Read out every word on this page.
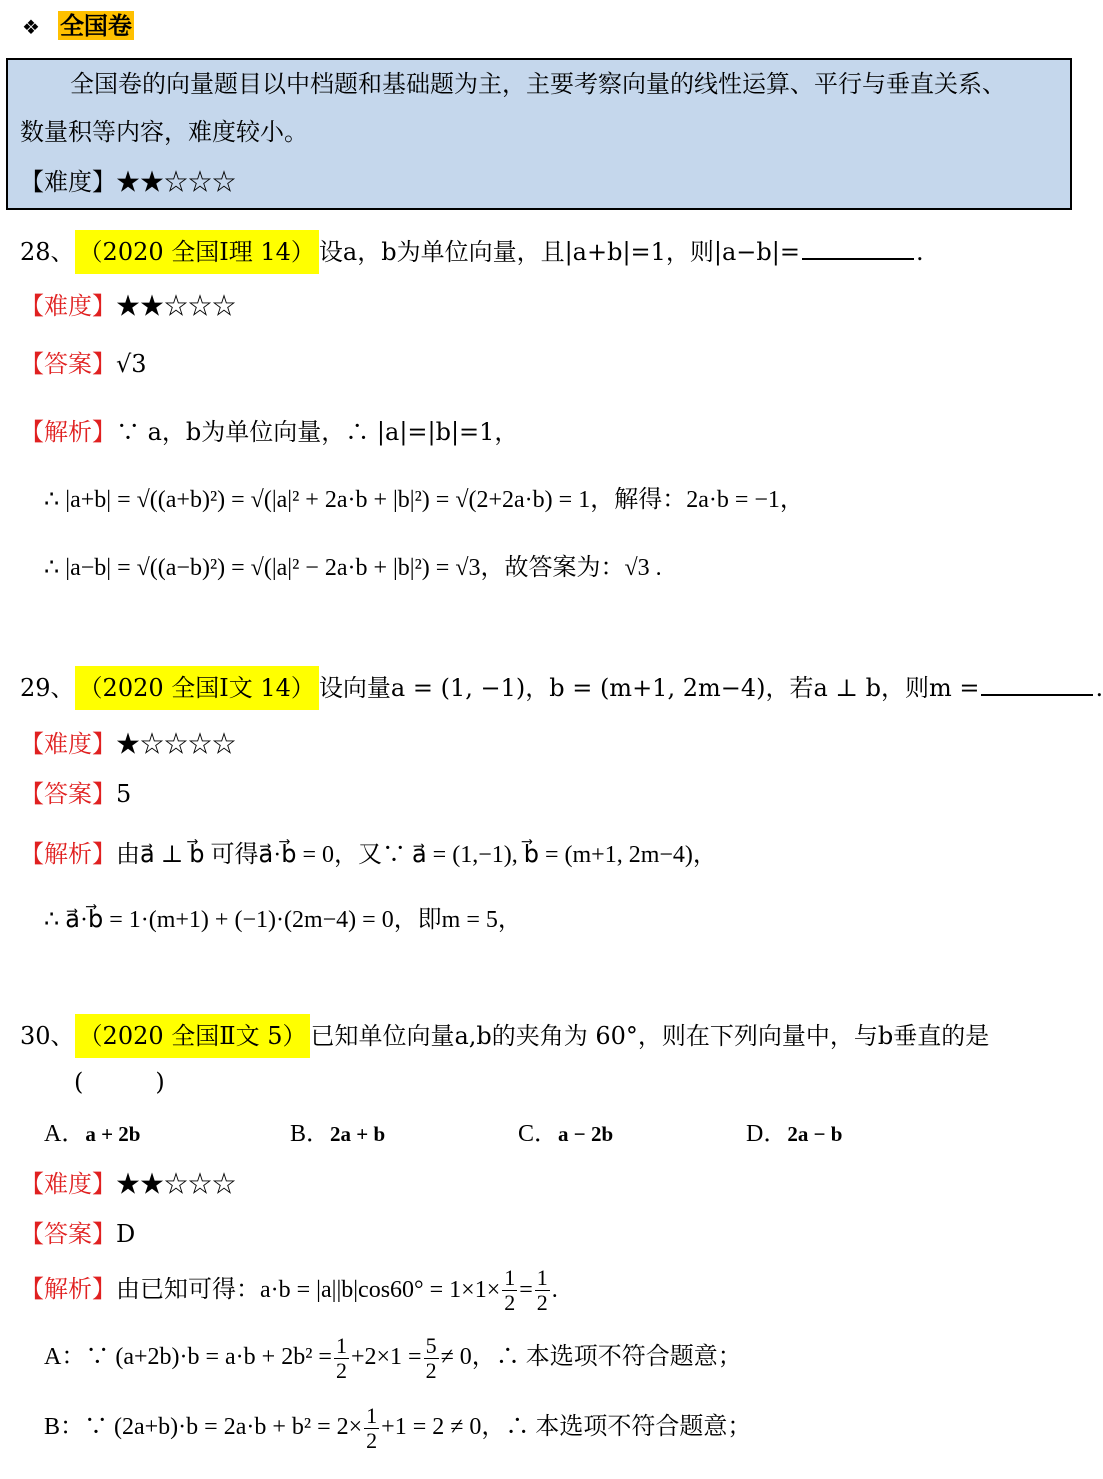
❖ 全国卷
全国卷的向量题目以中档题和基础题为主，主要考察向量的线性运算、平行与垂直关系、
数量积等内容，难度较小。
【难度】★★☆☆☆
28、 （2020 全国Ⅰ理 14） 设a，b为单位向量，且|a+b|=1，则|a−b|=	.
【难度】★★☆☆☆
【答案】√3
【解析】∵ a，b为单位向量，∴ |a|=|b|=1，
∴ |a+b| = √((a+b)²) = √(|a|² + 2a·b + |b|²) = √(2+2a·b) = 1，解得：2a·b = −1，
∴ |a−b| = √((a−b)²) = √(|a|² − 2a·b + |b|²) = √3，故答案为：√3 .
29、 （2020 全国Ⅰ文 14） 设向量a = (1, −1)，b = (m+1, 2m−4)，若a ⊥ b，则m =	.
【难度】★☆☆☆☆
【答案】5
【解析】由a⃗ ⊥ b⃗ 可得a⃗·b⃗ = 0，又∵ a⃗ = (1,−1), b⃗ = (m+1, 2m−4)，
∴ a⃗·b⃗ = 1·(m+1) + (−1)·(2m−4) = 0，即m = 5，
30、 （2020 全国Ⅱ文 5） 已知单位向量a,b的夹角为 60°，则在下列向量中，与b垂直的是
(　　　)
A．a + 2b	B．2a + b	C．a − 2b	D．2a − b
【难度】★★☆☆☆
【答案】D
【解析】由已知可得：$a\cdot b = |a||b|\cos 60^\circ = 1\times 1\times \frac{1}{2} = \frac{1}{2}$ .
A：∵ $(a+2b)\cdot b = a\cdot b + 2b^2 = \frac{1}{2} +2\times 1 = \frac{5}{2} \ne 0$，∴ 本选项不符合题意；
B：∵ $(2a+b)\cdot b = 2a\cdot b + b^2 = 2\times \frac{1}{2} +1 = 2 \ne 0$，∴ 本选项不符合题意；
